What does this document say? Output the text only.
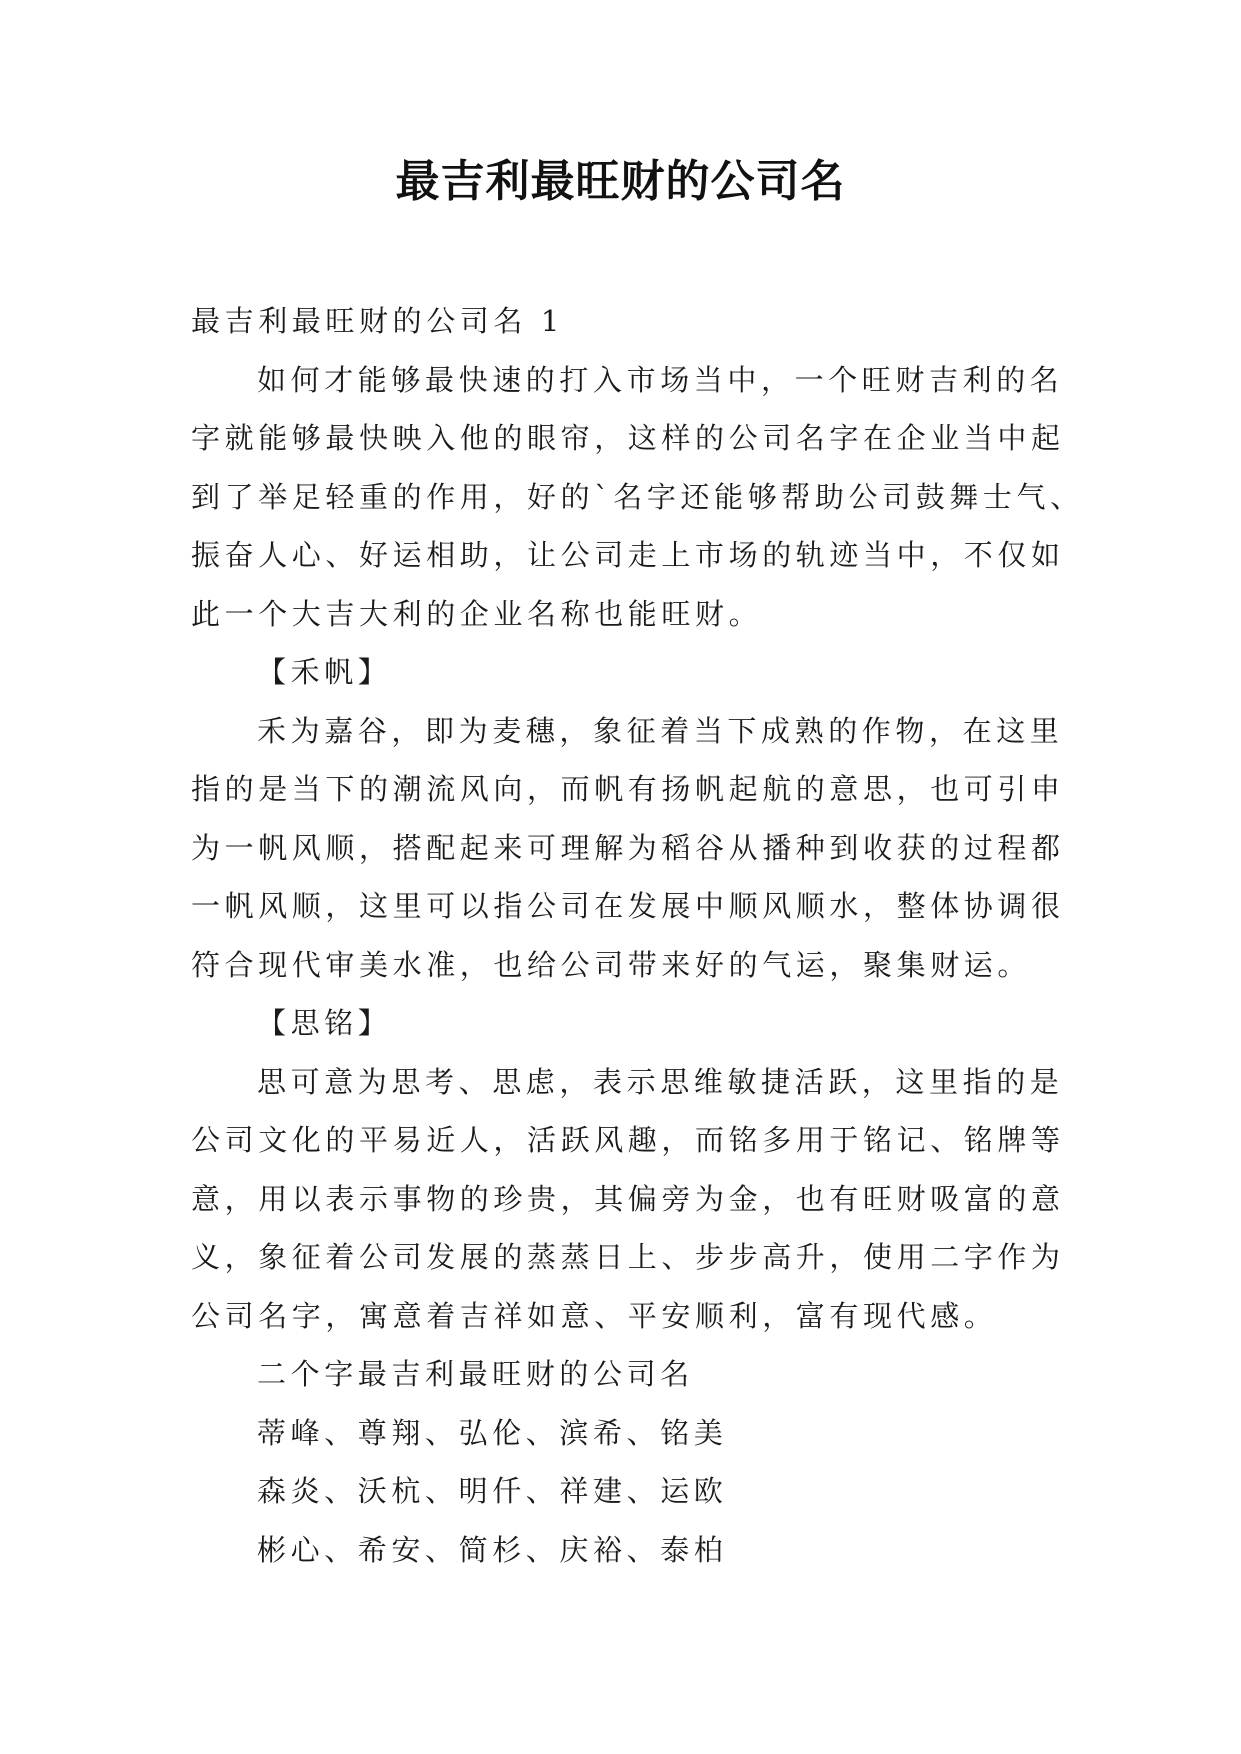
最吉利最旺财的公司名
最吉利最旺财的公司名 1
如何才能够最快速的打入市场当中，一个旺财吉利的名
字就能够最快映入他的眼帘，这样的公司名字在企业当中起
到了举足轻重的作用，好的`名字还能够帮助公司鼓舞士气、
振奋人心、好运相助，让公司走上市场的轨迹当中，不仅如
此一个大吉大利的企业名称也能旺财。
【禾帆】
禾为嘉谷，即为麦穗，象征着当下成熟的作物，在这里
指的是当下的潮流风向，而帆有扬帆起航的意思，也可引申
为一帆风顺，搭配起来可理解为稻谷从播种到收获的过程都
一帆风顺，这里可以指公司在发展中顺风顺水，整体协调很
符合现代审美水准，也给公司带来好的气运，聚集财运。
【思铭】
思可意为思考、思虑，表示思维敏捷活跃，这里指的是
公司文化的平易近人，活跃风趣，而铭多用于铭记、铭牌等
意，用以表示事物的珍贵，其偏旁为金，也有旺财吸富的意
义，象征着公司发展的蒸蒸日上、步步高升，使用二字作为
公司名字，寓意着吉祥如意、平安顺利，富有现代感。
二个字最吉利最旺财的公司名
蒂峰、尊翔、弘伦、滨希、铭美
森炎、沃杭、明仟、祥建、运欧
彬心、希安、简杉、庆裕、泰柏
